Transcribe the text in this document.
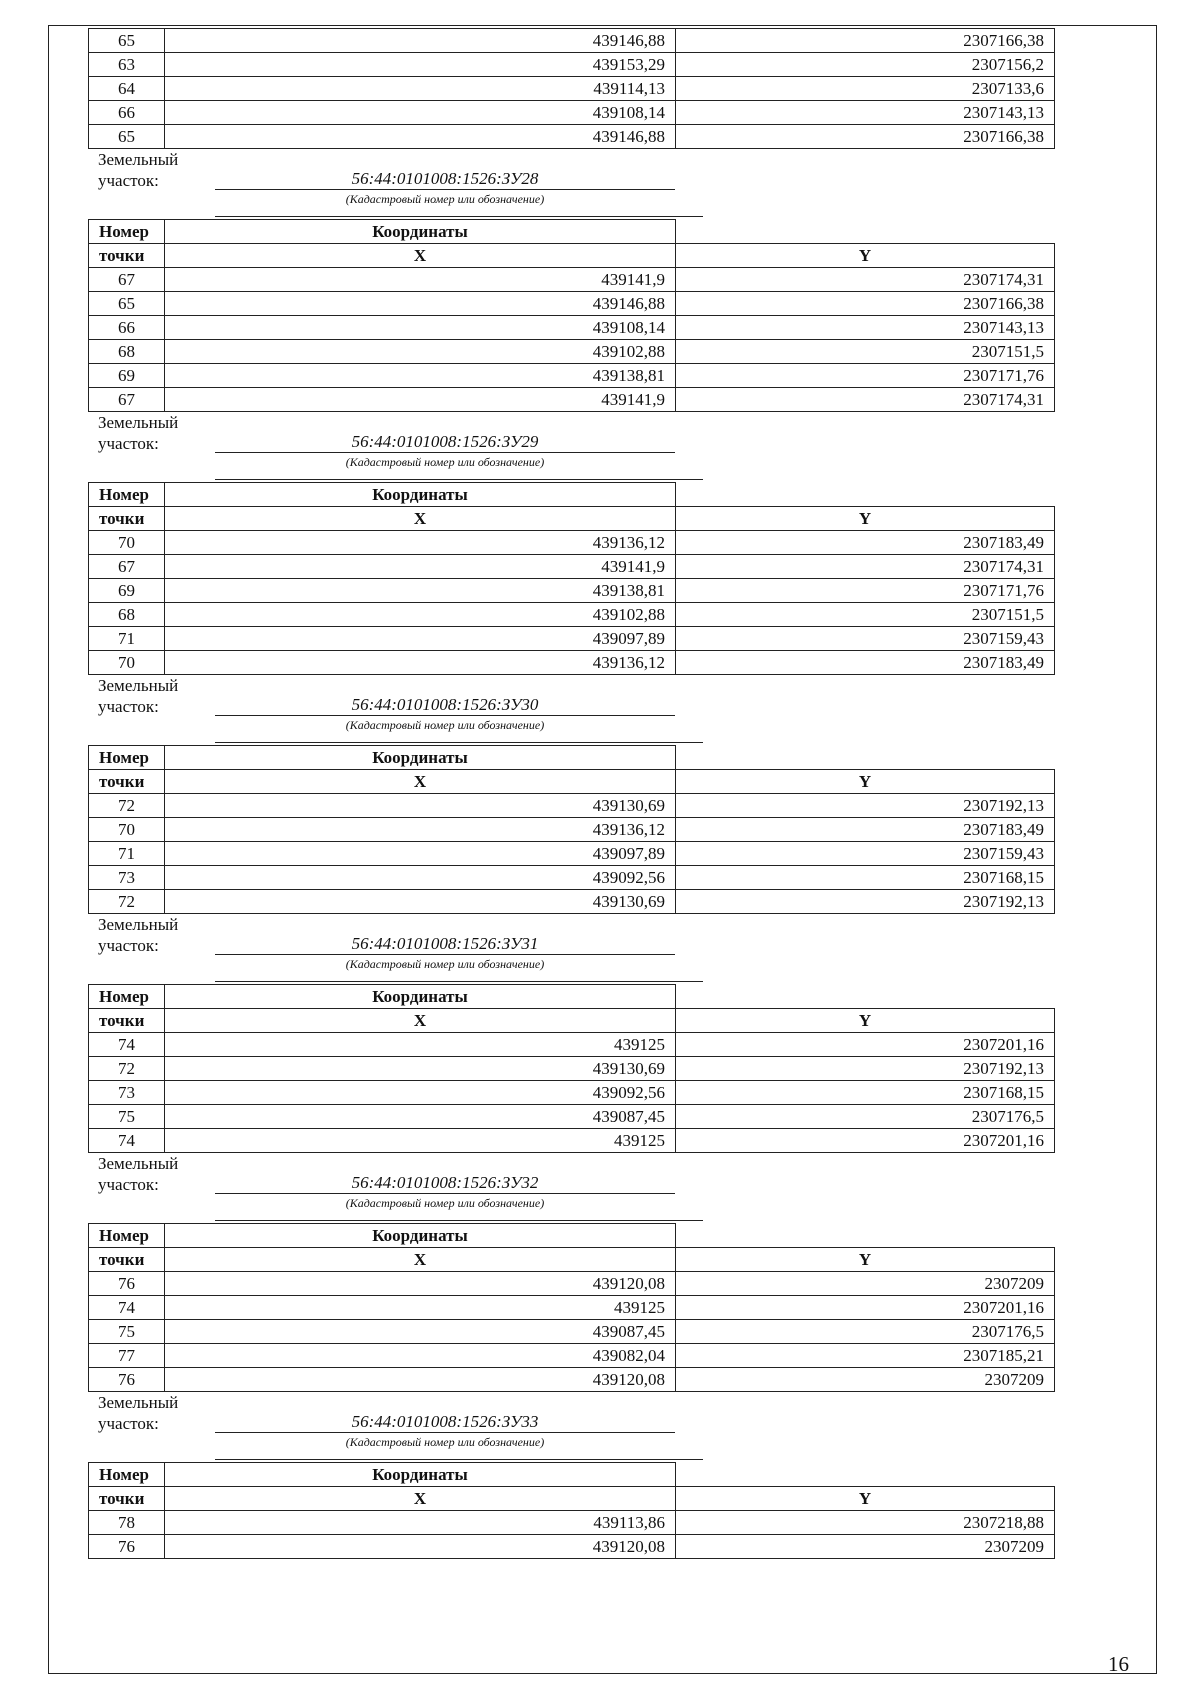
65	439146,88	2307166,38
63	439153,29	2307156,2
64	439114,13	2307133,6
66	439108,14	2307143,13
65	439146,88	2307166,38
Земельный
участок:	56:44:0101008:1526:ЗУ28
(Кадастровый номер или обозначение)
Номер	Координаты	
точки	X	Y
67	439141,9	2307174,31
65	439146,88	2307166,38
66	439108,14	2307143,13
68	439102,88	2307151,5
69	439138,81	2307171,76
67	439141,9	2307174,31
Земельный
участок:	56:44:0101008:1526:ЗУ29
(Кадастровый номер или обозначение)
Номер	Координаты	
точки	X	Y
70	439136,12	2307183,49
67	439141,9	2307174,31
69	439138,81	2307171,76
68	439102,88	2307151,5
71	439097,89	2307159,43
70	439136,12	2307183,49
Земельный
участок:	56:44:0101008:1526:ЗУ30
(Кадастровый номер или обозначение)
Номер	Координаты	
точки	X	Y
72	439130,69	2307192,13
70	439136,12	2307183,49
71	439097,89	2307159,43
73	439092,56	2307168,15
72	439130,69	2307192,13
Земельный
участок:	56:44:0101008:1526:ЗУ31
(Кадастровый номер или обозначение)
Номер	Координаты	
точки	X	Y
74	439125	2307201,16
72	439130,69	2307192,13
73	439092,56	2307168,15
75	439087,45	2307176,5
74	439125	2307201,16
Земельный
участок:	56:44:0101008:1526:ЗУ32
(Кадастровый номер или обозначение)
Номер	Координаты	
точки	X	Y
76	439120,08	2307209
74	439125	2307201,16
75	439087,45	2307176,5
77	439082,04	2307185,21
76	439120,08	2307209
Земельный
участок:	56:44:0101008:1526:ЗУ33
(Кадастровый номер или обозначение)
Номер	Координаты	
точки	X	Y
78	439113,86	2307218,88
76	439120,08	2307209
16
